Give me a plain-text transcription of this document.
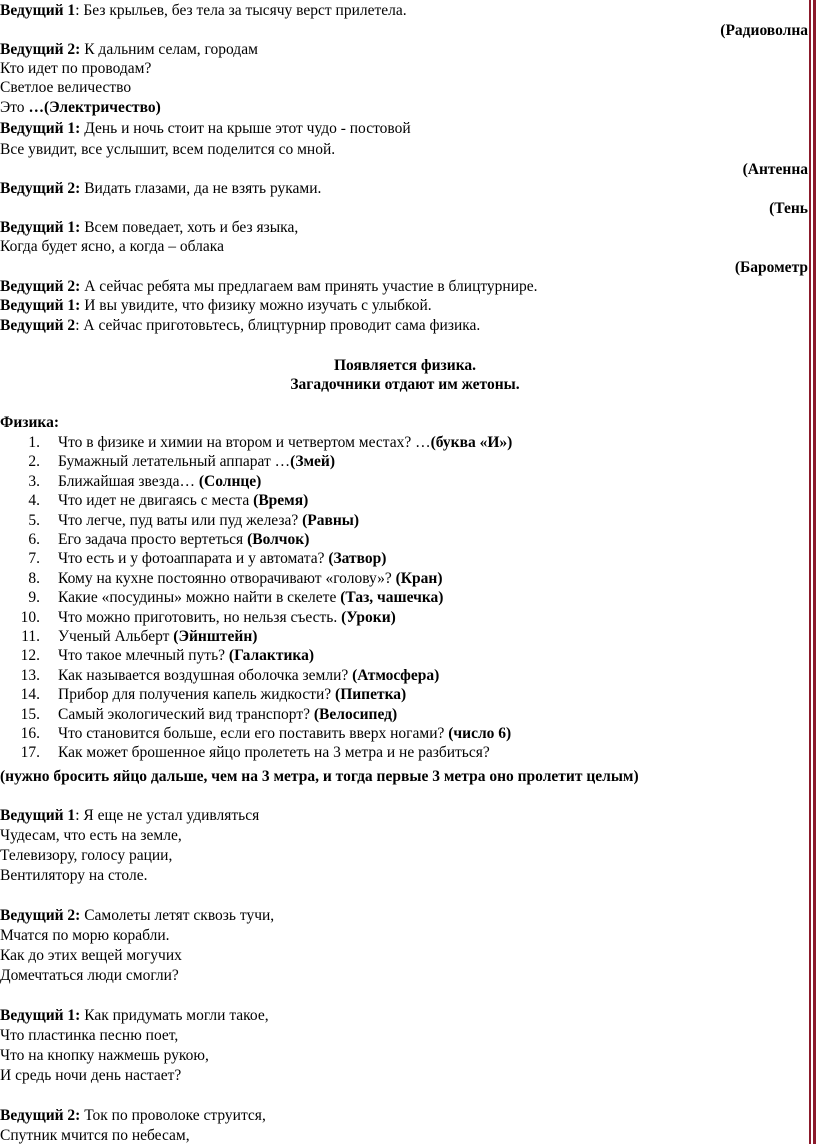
Ведущий 1: Без крыльев, без тела за тысячу верст прилетела.
(Радиоволна
Ведущий 2: К дальним селам, городам
Кто идет по проводам?
Светлое величество
Это …(Электричество)
Ведущий 1: День и ночь стоит на крыше этот чудо - постовой
Все увидит, все услышит, всем поделится со мной.
(Антенна
Ведущий 2: Видать глазами, да не взять руками.
(Тень
Ведущий 1: Всем поведает, хоть и без языка,
Когда будет ясно, а когда – облака
(Барометр
Ведущий 2: А сейчас ребята мы предлагаем вам принять участие в блицтурнире.
Ведущий 1: И вы увидите, что физику можно изучать с улыбкой.
Ведущий 2: А сейчас приготовьтесь, блицтурнир проводит сама физика.
Появляется физика.
Загадочники отдают им жетоны.
Физика:
1. Что в физике и химии на втором и четвертом местах? …(буква «И»)
2. Бумажный летательный аппарат …(Змей)
3. Ближайшая звезда… (Солнце)
4. Что идет не двигаясь с места (Время)
5. Что легче, пуд ваты или пуд железа? (Равны)
6. Его задача просто вертеться (Волчок)
7. Что есть и у фотоаппарата и у автомата? (Затвор)
8. Кому на кухне постоянно отворачивают «голову»? (Кран)
9. Какие «посудины» можно найти в скелете (Таз, чашечка)
10. Что можно приготовить, но нельзя съесть. (Уроки)
11. Ученый Альберт (Эйнштейн)
12. Что такое млечный путь? (Галактика)
13. Как называется воздушная оболочка земли? (Атмосфера)
14. Прибор для получения капель жидкости? (Пипетка)
15. Самый экологический вид транспорт? (Велосипед)
16. Что становится больше, если его поставить вверх ногами? (число 6)
17. Как может брошенное яйцо пролететь на 3 метра и не разбиться?
(нужно бросить яйцо дальше, чем на 3 метра, и тогда первые 3 метра оно пролетит целым)
Ведущий 1: Я еще не устал удивляться
Чудесам, что есть на земле,
Телевизору, голосу рации,
Вентилятору на столе.
Ведущий 2: Самолеты летят сквозь тучи,
Мчатся по морю корабли.
Как до этих вещей могучих
Домечтаться люди смогли?
Ведущий 1: Как придумать могли такое,
Что пластинка песню поет,
Что на кнопку нажмешь рукою,
И средь ночи день настает?
Ведущий 2: Ток по проволоке струится,
Спутник мчится по небесам,
